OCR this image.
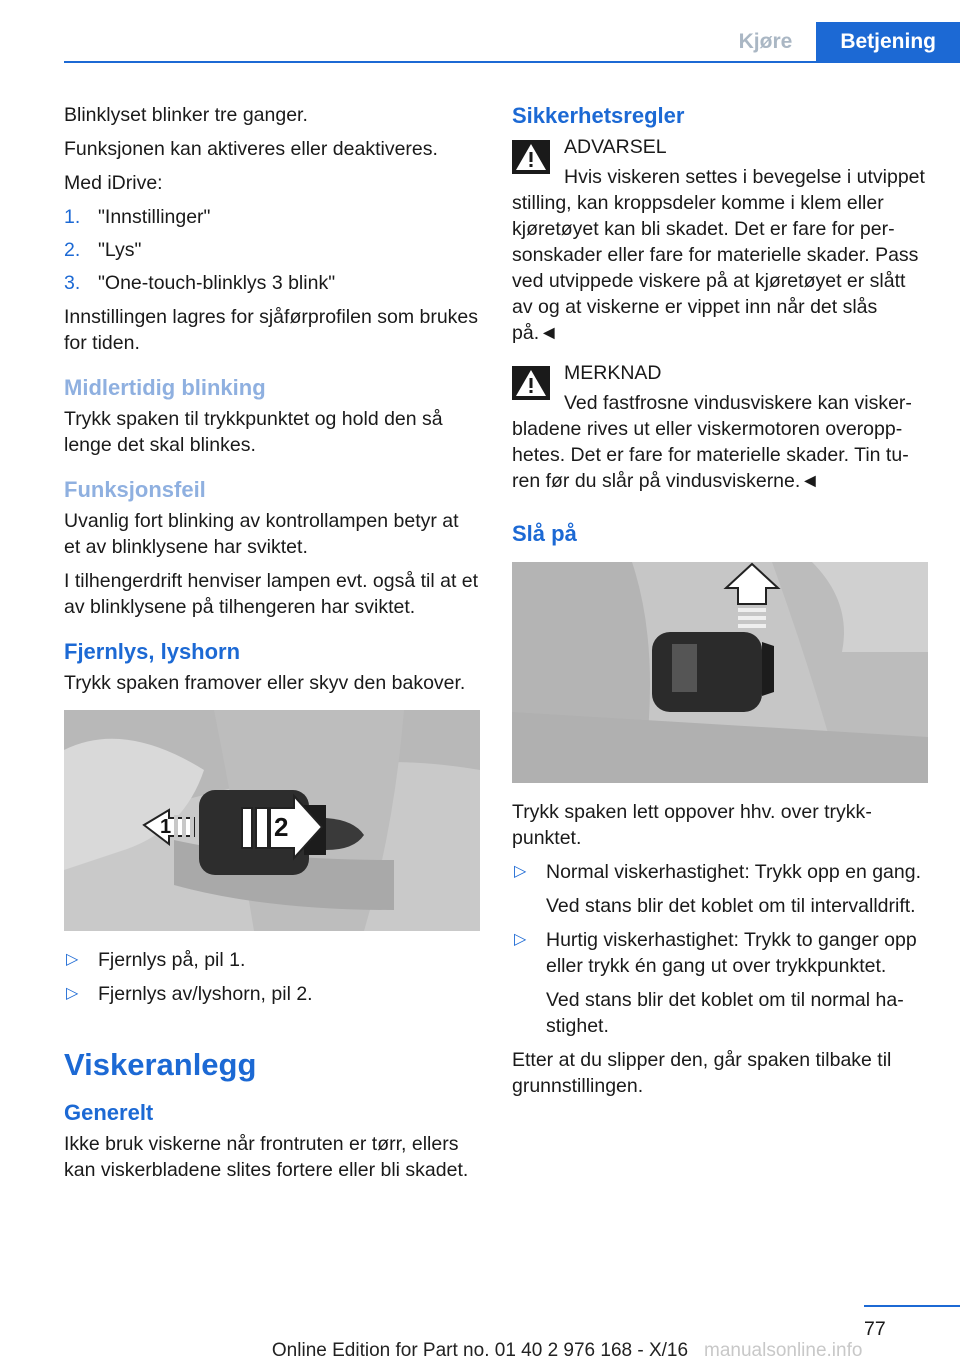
Kjøre	Betjening

Blinklyset blinker tre ganger.

Funksjonen kan aktiveres eller deaktiveres.

Med iDrive:

1. "Innstillinger"
2. "Lys"
3. "One-touch-blinklys 3 blink"

Innstillingen lagres for sjåførprofilen som brukes for tiden.

Midlertidig blinking

Trykk spaken til trykkpunktet og hold den så lenge det skal blinkes.

Funksjonsfeil

Uvanlig fort blinking av kontrollampen betyr at et av blinklysene har sviktet.

I tilhengerdrift henviser lampen evt. også til at et av blinklysene på tilhengeren har sviktet.

Fjernlys, lyshorn

Trykk spaken framover eller skyv den bakover.

1	2
▷ Fjernlys på, pil 1.
▷ Fjernlys av/lyshorn, pil 2.
Viskeranlegg
Generelt

Ikke bruk viskerne når frontruten er tørr, ellers kan viskerbladene slites fortere eller bli skadet.

Sikkerhetsregler
ADVARSEL
Hvis viskeren settes i bevegelse i utvippet stilling, kan kroppsdeler komme i klem eller kjøretøyet kan bli skadet. Det er fare for personskader eller fare for materielle skader. Pass ved utvippede viskere på at kjøretøyet er slått av og at viskerne er vippet inn når det slås på.◄
MERKNAD
Ved fastfrosne vindusviskere kan viskerbladene rives ut eller viskermotoren overopphetes. Det er fare for materielle skader. Tin turen før du slår på vindusviskerne.◄
Slå på

Trykk spaken lett oppover hhv. over trykkpunktet.

▷ Normal viskerhastighet: Trykk opp en gang.
Ved stans blir det koblet om til intervalldrift.
▷ Hurtig viskerhastighet: Trykk to ganger opp eller trykk én gang ut over trykkpunktet.
Ved stans blir det koblet om til normal hastighet.

Etter at du slipper den, går spaken tilbake til grunnstillingen.

77
Online Edition for Part no. 01 40 2 976 168 - X/16 manualsonline.info
